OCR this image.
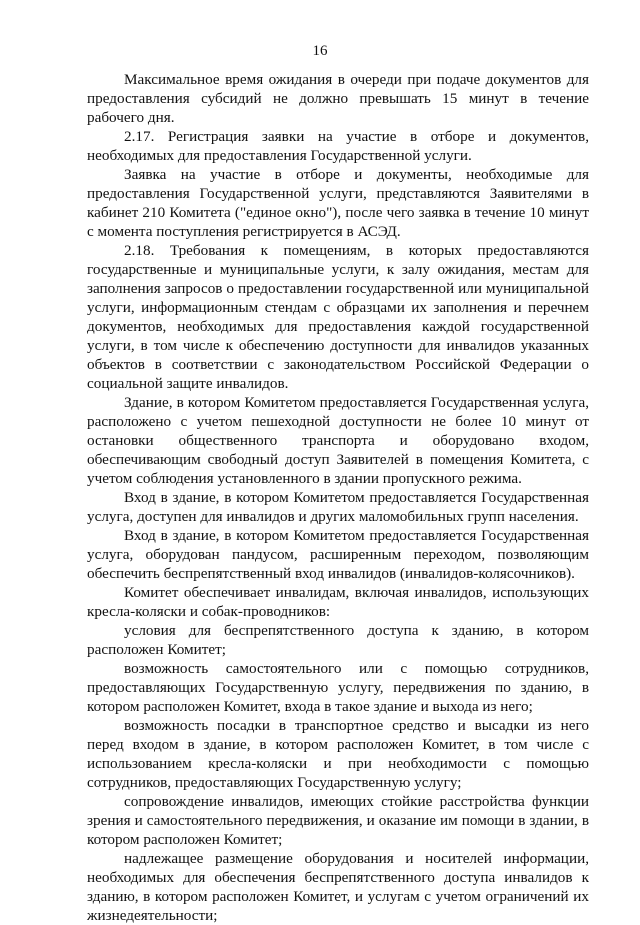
16

Максимальное время ожидания в очереди при подаче документов для предоставления субсидий не должно превышать 15 минут в течение рабочего дня.

2.17. Регистрация заявки на участие в отборе и документов, необходимых для предоставления Государственной услуги.

Заявка на участие в отборе и документы, необходимые для предоставления Государственной услуги, представляются Заявителями в кабинет 210 Комитета ("единое окно"), после чего заявка в течение 10 минут с момента поступления регистрируется в АСЭД.

2.18. Требования к помещениям, в которых предоставляются государственные и муниципальные услуги, к залу ожидания, местам для заполнения запросов о предоставлении государственной или муниципальной услуги, информационным стендам с образцами их заполнения и перечнем документов, необходимых для предоставления каждой государственной услуги, в том числе к обеспечению доступности для инвалидов указанных объектов в соответствии с законодательством Российской Федерации о социальной защите инвалидов.

Здание, в котором Комитетом предоставляется Государственная услуга, расположено с учетом пешеходной доступности не более 10 минут от остановки общественного транспорта и оборудовано входом, обеспечивающим свободный доступ Заявителей в помещения Комитета, с учетом соблюдения установленного в здании пропускного режима.

Вход в здание, в котором Комитетом предоставляется Государственная услуга, доступен для инвалидов и других маломобильных групп населения.

Вход в здание, в котором Комитетом предоставляется Государственная услуга, оборудован пандусом, расширенным переходом, позволяющим обеспечить беспрепятственный вход инвалидов (инвалидов-колясочников).

Комитет обеспечивает инвалидам, включая инвалидов, использующих кресла-коляски и собак-проводников:

условия для беспрепятственного доступа к зданию, в котором расположен Комитет;

возможность самостоятельного или с помощью сотрудников, предоставляющих Государственную услугу, передвижения по зданию, в котором расположен Комитет, входа в такое здание и выхода из него;

возможность посадки в транспортное средство и высадки из него перед входом в здание, в котором расположен Комитет, в том числе с использованием кресла-коляски и при необходимости с помощью сотрудников, предоставляющих Государственную услугу;

сопровождение инвалидов, имеющих стойкие расстройства функции зрения и самостоятельного передвижения, и оказание им помощи в здании, в котором расположен Комитет;

надлежащее размещение оборудования и носителей информации, необходимых для обеспечения беспрепятственного доступа инвалидов к зданию, в котором расположен Комитет, и услугам с учетом ограничений их жизнедеятельности;
